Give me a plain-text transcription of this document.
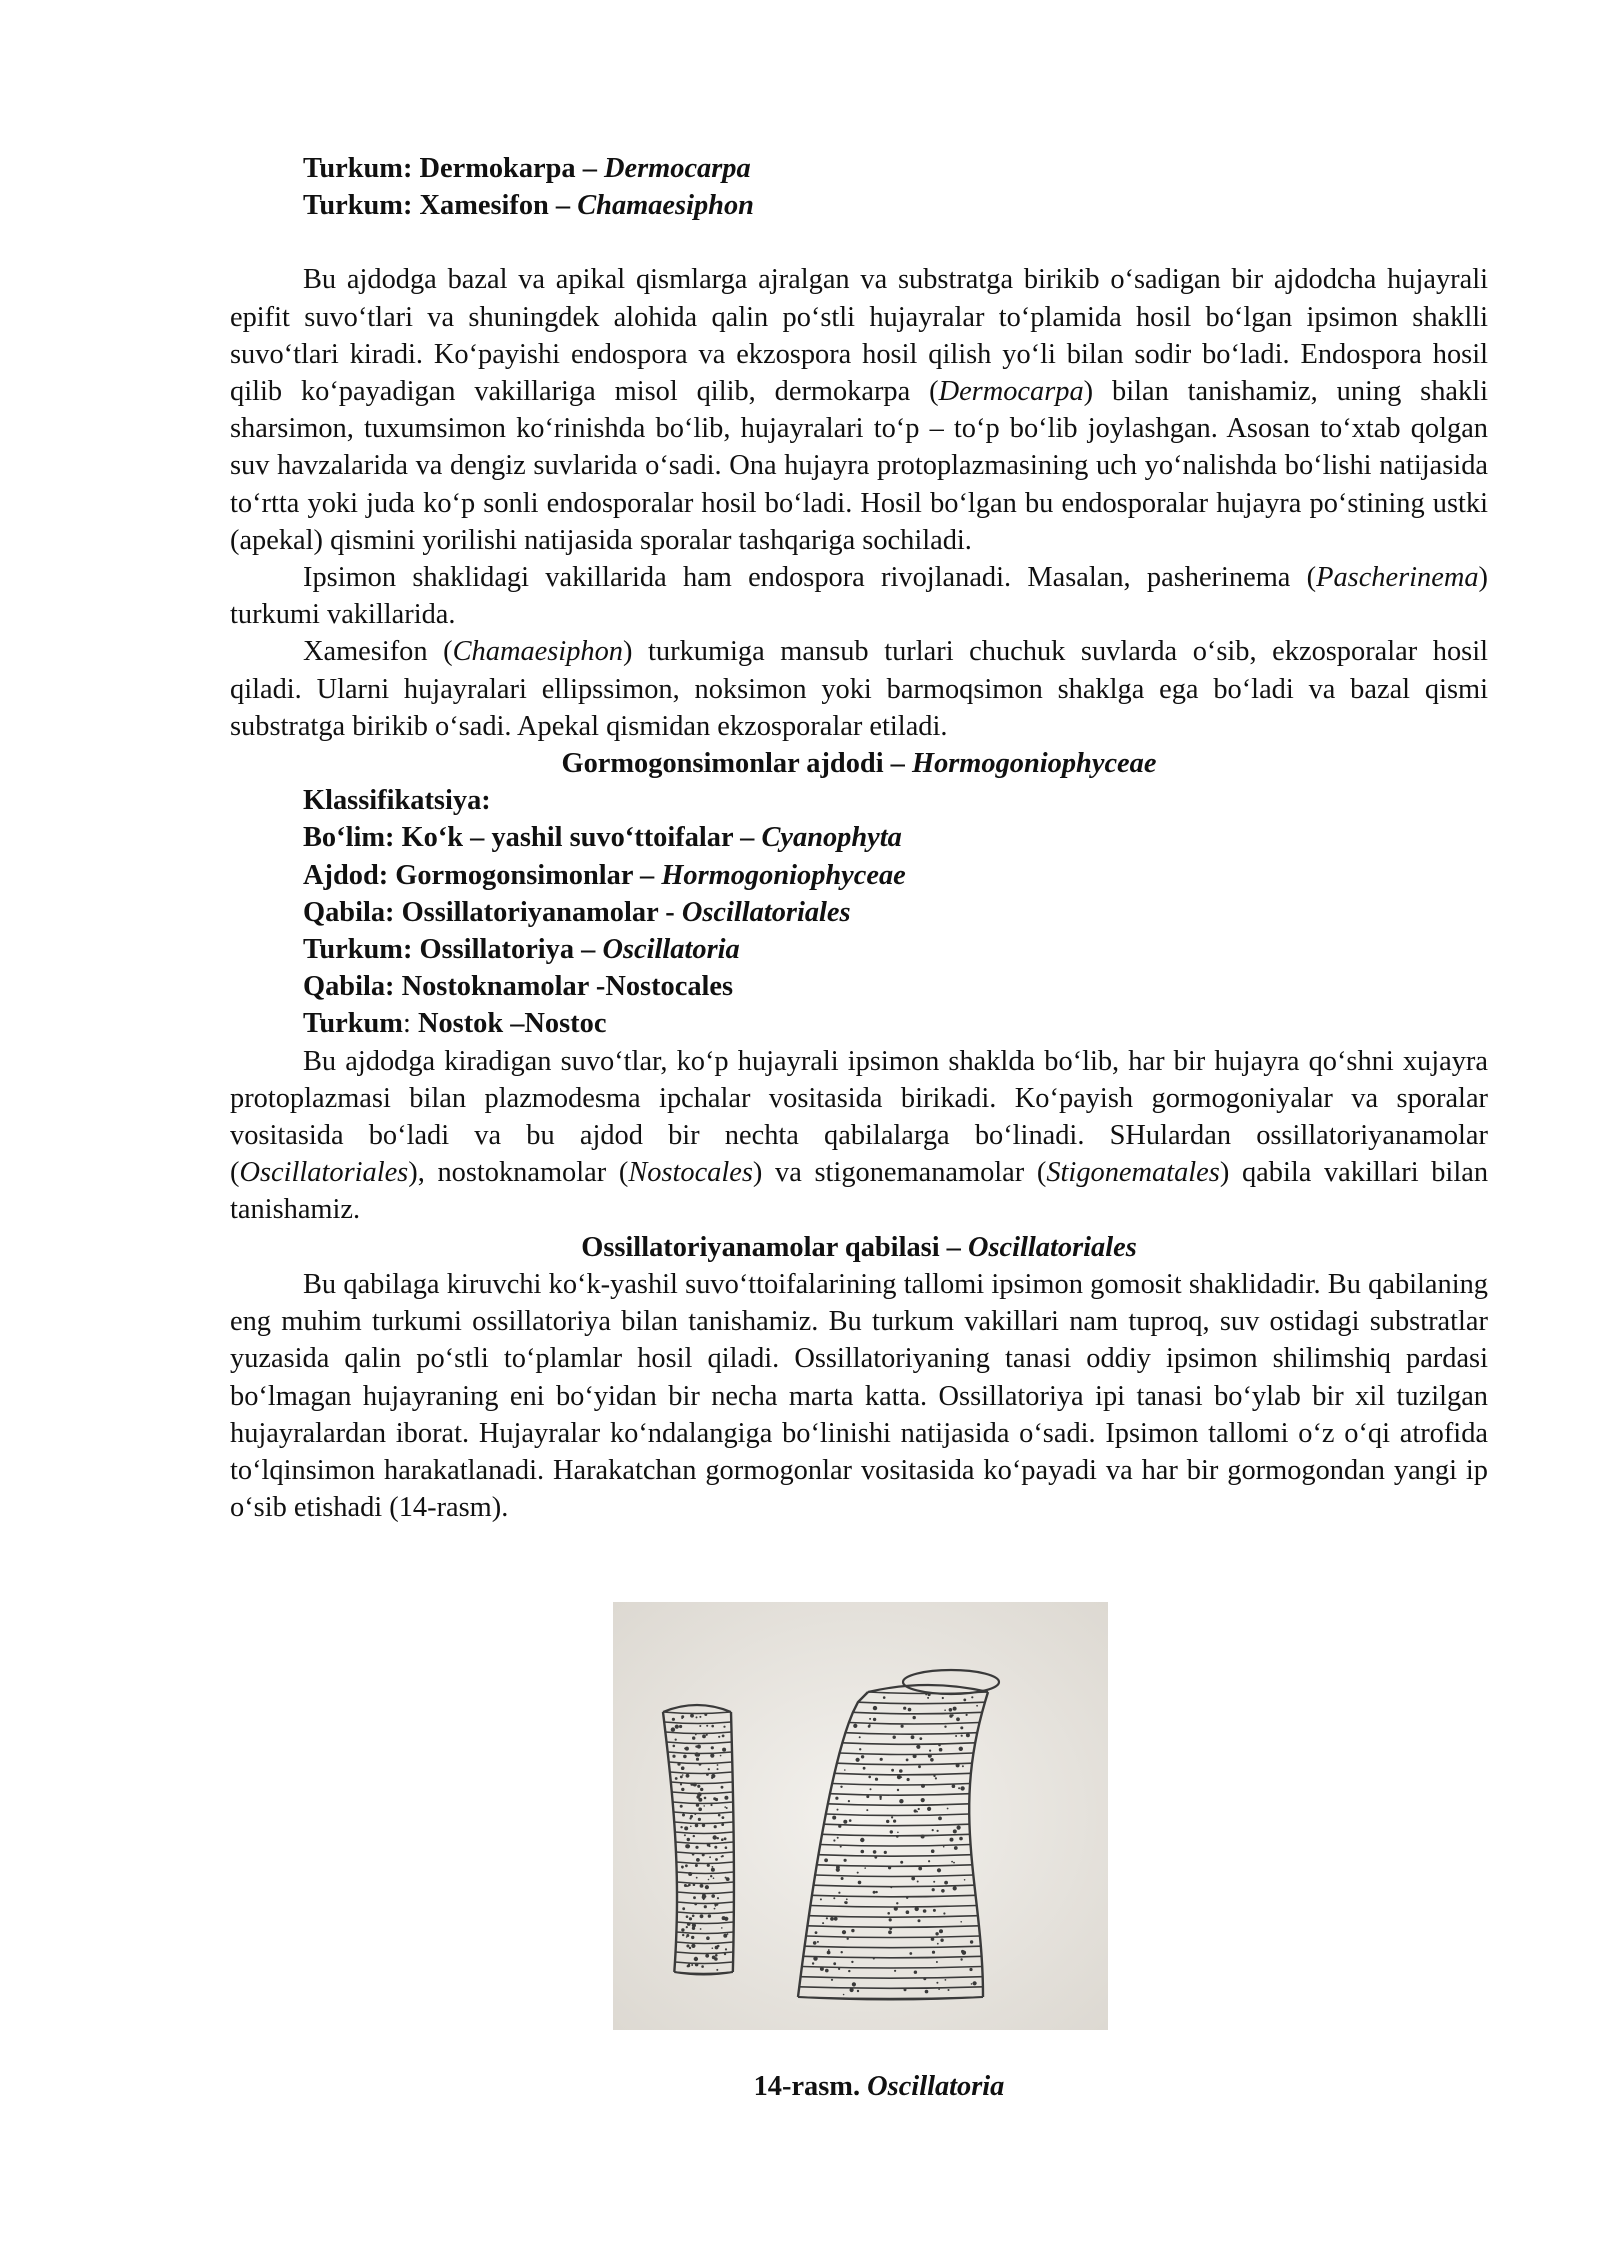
Turkum: Dermokarpa – Dermocarpa

Turkum: Xamesifon – Chamaesiphon

Bu ajdodga bazal va apikal qismlarga ajralgan va substratga birikib o‘sadigan bir ajdodcha hujayrali epifit suvo‘tlari va shuningdek alohida qalin po‘stli hujayralar to‘plamida hosil bo‘lgan ipsimon shaklli suvo‘tlari kiradi. Ko‘payishi endospora va ekzospora hosil qilish yo‘li bilan sodir bo‘ladi. Endospora hosil qilib ko‘payadigan vakillariga misol qilib, dermokarpa (Dermocarpa) bilan tanishamiz, uning shakli sharsimon, tuxumsimon ko‘rinishda bo‘lib, hujayralari to‘p – to‘p bo‘lib joylashgan. Asosan to‘xtab qolgan suv havzalarida va dengiz suvlarida o‘sadi. Ona hujayra protoplazmasining uch yo‘nalishda bo‘lishi natijasida to‘rtta yoki juda ko‘p sonli endosporalar hosil bo‘ladi. Hosil bo‘lgan bu endosporalar hujayra po‘stining ustki (apekal) qismini yorilishi natijasida sporalar tashqariga sochiladi.

Ipsimon shaklidagi vakillarida ham endospora rivojlanadi. Masalan, pasherinema (Pascherinema) turkumi vakillarida.

Xamesifon (Chamaesiphon) turkumiga mansub turlari chuchuk suvlarda o‘sib, ekzosporalar hosil qiladi. Ularni hujayralari ellipssimon, noksimon yoki barmoqsimon shaklga ega bo‘ladi va bazal qismi substratga birikib o‘sadi. Apekal qismidan ekzosporalar etiladi.

Gormogonsimonlar ajdodi – Hormogoniophyceae

Klassifikatsiya:

Bo‘lim: Ko‘k – yashil suvo‘ttoifalar – Cyanophyta

Ajdod: Gormogonsimonlar – Hormogoniophyceae

Qabila: Ossillatoriyanamolar - Oscillatoriales

Turkum: Ossillatoriya – Oscillatoria

Qabila: Nostoknamolar -Nostocales

Turkum: Nostok –Nostoc

Bu ajdodga kiradigan suvo‘tlar, ko‘p hujayrali ipsimon shaklda bo‘lib, har bir hujayra qo‘shni xujayra protoplazmasi bilan plazmodesma ipchalar vositasida birikadi. Ko‘payish gormogoniyalar va sporalar vositasida bo‘ladi va bu ajdod bir nechta qabilalarga bo‘linadi. SHulardan ossillatoriyanamolar (Oscillatoriales), nostoknamolar (Nostocales) va stigonemanamolar (Stigonematales) qabila vakillari bilan tanishamiz.

Ossillatoriyanamolar qabilasi – Oscillatoriales

Bu qabilaga kiruvchi ko‘k-yashil suvo‘ttoifalarining tallomi ipsimon gomosit shaklidadir. Bu qabilaning eng muhim turkumi ossillatoriya bilan tanishamiz. Bu turkum vakillari nam tuproq, suv ostidagi substratlar yuzasida qalin po‘stli to‘plamlar hosil qiladi. Ossillatoriyaning tanasi oddiy ipsimon shilimshiq pardasi bo‘lmagan hujayraning eni bo‘yidan bir necha marta katta. Ossillatoriya ipi tanasi bo‘ylab bir xil tuzilgan hujayralardan iborat. Hujayralar ko‘ndalangiga bo‘linishi natijasida o‘sadi. Ipsimon tallomi o‘z o‘qi atrofida to‘lqinsimon harakatlanadi. Harakatchan gormogonlar vositasida ko‘payadi va har bir gormogondan yangi ip o‘sib etishadi (14-rasm).

14-rasm. Oscillatoria
